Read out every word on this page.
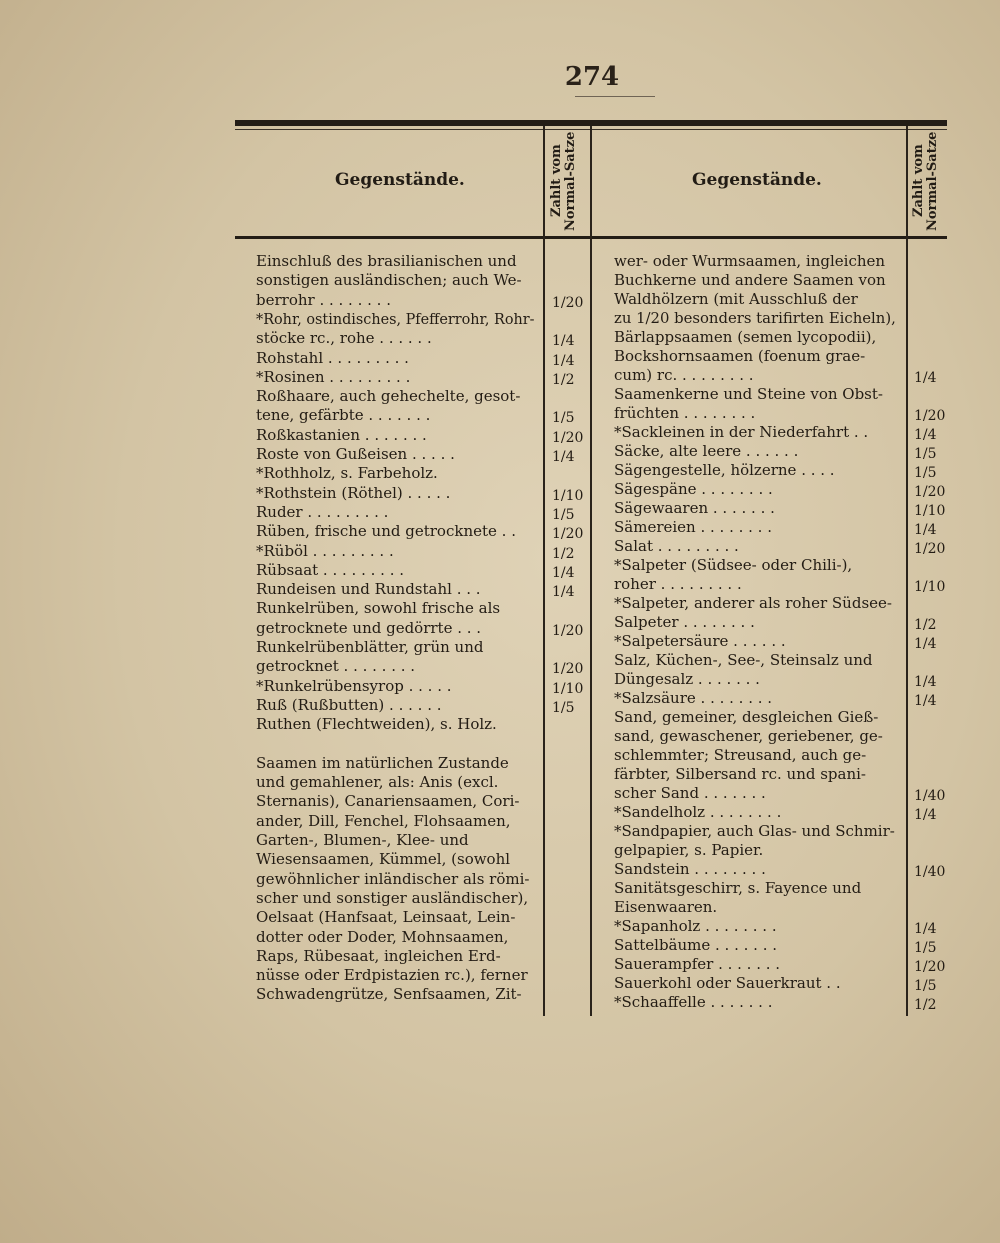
274
Gegenstände.	Zahlt vom Normal-Satze	Gegenstände.	Zahlt vom Normal-Satze
Einschluß des brasilianischen und
sonstigen ausländischen; auch We-
berrohr . . . . . . . .	1/20
*Rohr, ostindisches, Pfefferrohr, Rohr-
stöcke rc., rohe . . . . . .	1/4
Rohstahl . . . . . . . . .	1/4
*Rosinen . . . . . . . . .	1/2
Roßhaare, auch gehechelte, gesot-
tene, gefärbte . . . . . . .	1/5
Roßkastanien . . . . . . .	1/20
Roste von Gußeisen . . . . .	1/4
*Rothholz, s. Farbeholz.
*Rothstein (Röthel) . . . . .	1/10
Ruder . . . . . . . . .	1/5
Rüben, frische und getrocknete . .	1/20
*Rüböl . . . . . . . . .	1/2
Rübsaat . . . . . . . . .	1/4
Rundeisen und Rundstahl . . .	1/4
Runkelrüben, sowohl frische als
getrocknete und gedörrte . . .	1/20
Runkelrübenblätter, grün und
getrocknet . . . . . . . .	1/20
*Runkelrübensyrop . . . . .	1/10
Ruß (Rußbutten) . . . . . .	1/5
Ruthen (Flechtweiden), s. Holz.
Saamen im natürlichen Zustande
und gemahlener, als: Anis (excl.
Sternanis), Canariensaamen, Cori-
ander, Dill, Fenchel, Flohsaamen,
Garten-, Blumen-, Klee- und
Wiesensaamen, Kümmel, (sowohl
gewöhnlicher inländischer als römi-
scher und sonstiger ausländischer),
Oelsaat (Hanfsaat, Leinsaat, Lein-
dotter oder Doder, Mohnsaamen,
Raps, Rübesaat, ingleichen Erd-
nüsse oder Erdpistazien rc.), ferner
Schwadengrütze, Senfsaamen, Zit-
wer- oder Wurmsaamen, ingleichen
Buchkerne und andere Saamen von
Waldhölzern (mit Ausschluß der
zu 1/20 besonders tarifirten Eicheln),
Bärlappsaamen (semen lycopodii),
Bockshornsaamen (foenum grae-
cum) rc. . . . . . . . .	1/4
Saamenkerne und Steine von Obst-
früchten . . . . . . . .	1/20
*Sackleinen in der Niederfahrt . .	1/4
Säcke, alte leere . . . . . .	1/5
Sägengestelle, hölzerne . . . .	1/5
Sägespäne . . . . . . . .	1/20
Sägewaaren . . . . . . .	1/10
Sämereien . . . . . . . .	1/4
Salat . . . . . . . . .	1/20
*Salpeter (Südsee- oder Chili-),
roher . . . . . . . . .	1/10
*Salpeter, anderer als roher Südsee-
Salpeter . . . . . . . .	1/2
*Salpetersäure . . . . . .	1/4
Salz, Küchen-, See-, Steinsalz und
Düngesalz . . . . . . .	1/4
*Salzsäure . . . . . . . .	1/4
Sand, gemeiner, desgleichen Gieß-
sand, gewaschener, geriebener, ge-
schlemmter; Streusand, auch ge-
färbter, Silbersand rc. und spani-
scher Sand . . . . . . .	1/40
*Sandelholz . . . . . . . .	1/4
*Sandpapier, auch Glas- und Schmir-
gelpapier, s. Papier.
Sandstein . . . . . . . .	1/40
Sanitätsgeschirr, s. Fayence und
Eisenwaaren.
*Sapanholz . . . . . . . .	1/4
Sattelbäume . . . . . . .	1/5
Sauerampfer . . . . . . .	1/20
Sauerkohl oder Sauerkraut . .	1/5
*Schaaffelle . . . . . . .	1/2
